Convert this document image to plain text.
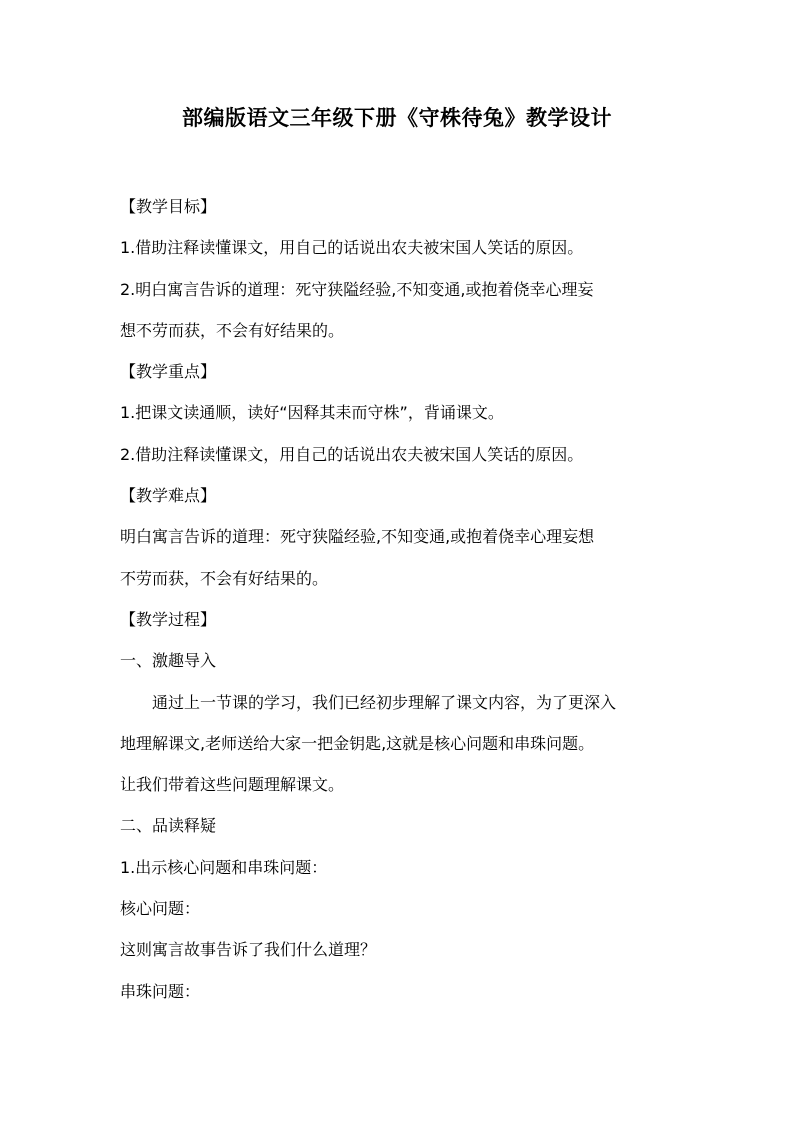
部编版语文三年级下册《守株待兔》教学设计
【教学目标】
1.借助注释读懂课文，用自己的话说出农夫被宋国人笑话的原因。
2.明白寓言告诉的道理：死守狭隘经验,不知变通,或抱着侥幸心理妄
想不劳而获，不会有好结果的。
【教学重点】
1.把课文读通顺，读好“因释其耒而守株”，背诵课文。
2.借助注释读懂课文，用自己的话说出农夫被宋国人笑话的原因。
【教学难点】
明白寓言告诉的道理：死守狭隘经验,不知变通,或抱着侥幸心理妄想
不劳而获，不会有好结果的。
【教学过程】
一、激趣导入
通过上一节课的学习，我们已经初步理解了课文内容，为了更深入
地理解课文,老师送给大家一把金钥匙,这就是核心问题和串珠问题。
让我们带着这些问题理解课文。
二、品读释疑
1.出示核心问题和串珠问题：
核心问题：
这则寓言故事告诉了我们什么道理？
串珠问题：
